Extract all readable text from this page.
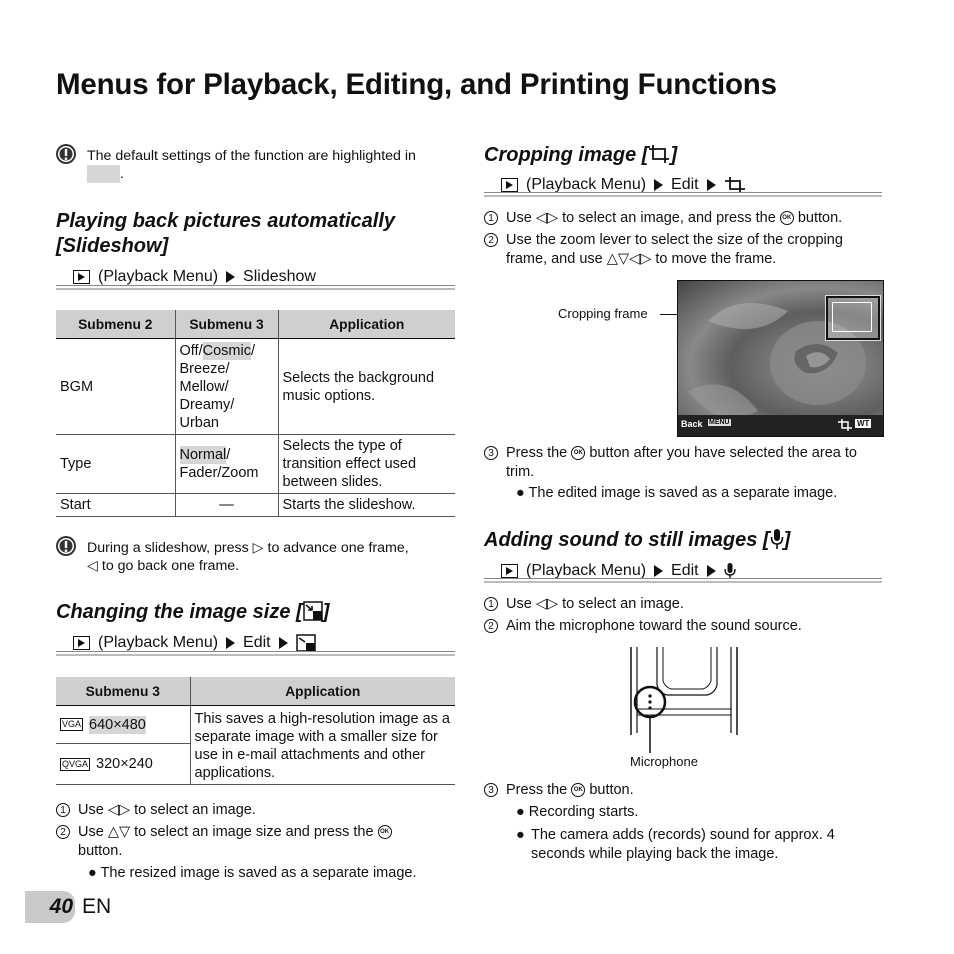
Menus for Playback, Editing, and Printing Functions
The default settings of the function are highlighted in
.
Playing back pictures automatically
[Slideshow]
(Playback Menu) Slideshow
Submenu 2	Submenu 3	Application
BGM	Off/Cosmic/
Breeze/
Mellow/
Dreamy/
Urban	Selects the background music options.
Type	Normal/
Fader/Zoom	Selects the type of transition effect used between slides.
Start	—	Starts the slideshow.
During a slideshow, press ▷ to advance one frame,
◁ to go back one frame.
Changing the image size [ ]
(Playback Menu) Edit
Submenu 3	Application
VGA 640×480	This saves a high-resolution image as a separate image with a smaller size for use in e-mail attachments and other applications.
QVGA 320×240	
1 Use ◁▷ to select an image.
2 Use △▽ to select an image size and press the OK
button.
● The resized image is saved as a separate image.
40 EN
Cropping image [ ]
(Playback Menu) Edit
1 Use ◁▷ to select an image, and press the OK button.
2 Use the zoom lever to select the size of the cropping frame, and use △▽◁▷ to move the frame.
Cropping frame
Back MENU	WT
3 Press the OK button after you have selected the area to trim.
● The edited image is saved as a separate image.
Adding sound to still images [ ]
(Playback Menu) Edit
1 Use ◁▷ to select an image.
2 Aim the microphone toward the sound source.
Microphone
3 Press the OK button.
● Recording starts.
● The camera adds (records) sound for approx. 4 seconds while playing back the image.
